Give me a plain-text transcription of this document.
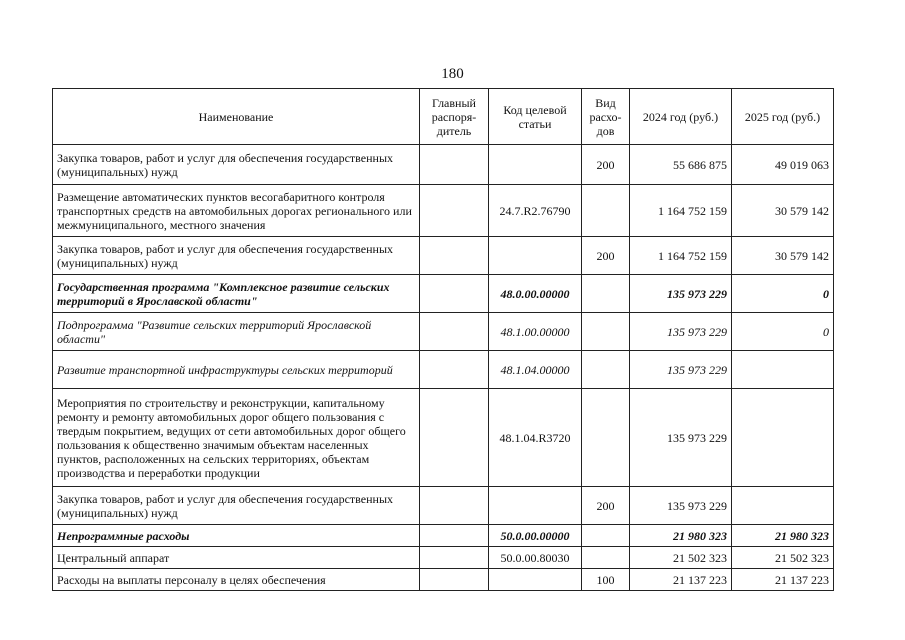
180
Наименование	Главный распоря-дитель	Код целевой статьи	Вид расхо-дов	2024 год (руб.)	2025 год (руб.)
Закупка товаров, работ и услуг для обеспечения государственных (муниципальных) нужд			200	55 686 875	49 019 063
Размещение автоматических пунктов весогабаритного контроля транспортных средств на автомобильных дорогах регионального или межмуниципального, местного значения		24.7.R2.76790		1 164 752 159	30 579 142
Закупка товаров, работ и услуг для обеспечения государственных (муниципальных) нужд			200	1 164 752 159	30 579 142
Государственная программа "Комплексное развитие сельских территорий в Ярославской области"		48.0.00.00000		135 973 229	0
Подпрограмма "Развитие сельских территорий Ярославской области"		48.1.00.00000		135 973 229	0
Развитие транспортной инфраструктуры сельских территорий		48.1.04.00000		135 973 229	
Мероприятия по строительству и реконструкции, капитальному ремонту и ремонту автомобильных дорог общего пользования с твердым покрытием, ведущих от сети автомобильных дорог общего пользования к общественно значимым объектам населенных пунктов, расположенных на сельских территориях, объектам производства и переработки продукции		48.1.04.R3720		135 973 229	
Закупка товаров, работ и услуг для обеспечения государственных (муниципальных) нужд			200	135 973 229	
Непрограммные расходы		50.0.00.00000		21 980 323	21 980 323
Центральный аппарат		50.0.00.80030		21 502 323	21 502 323
Расходы на выплаты персоналу в целях обеспечения			100	21 137 223	21 137 223
